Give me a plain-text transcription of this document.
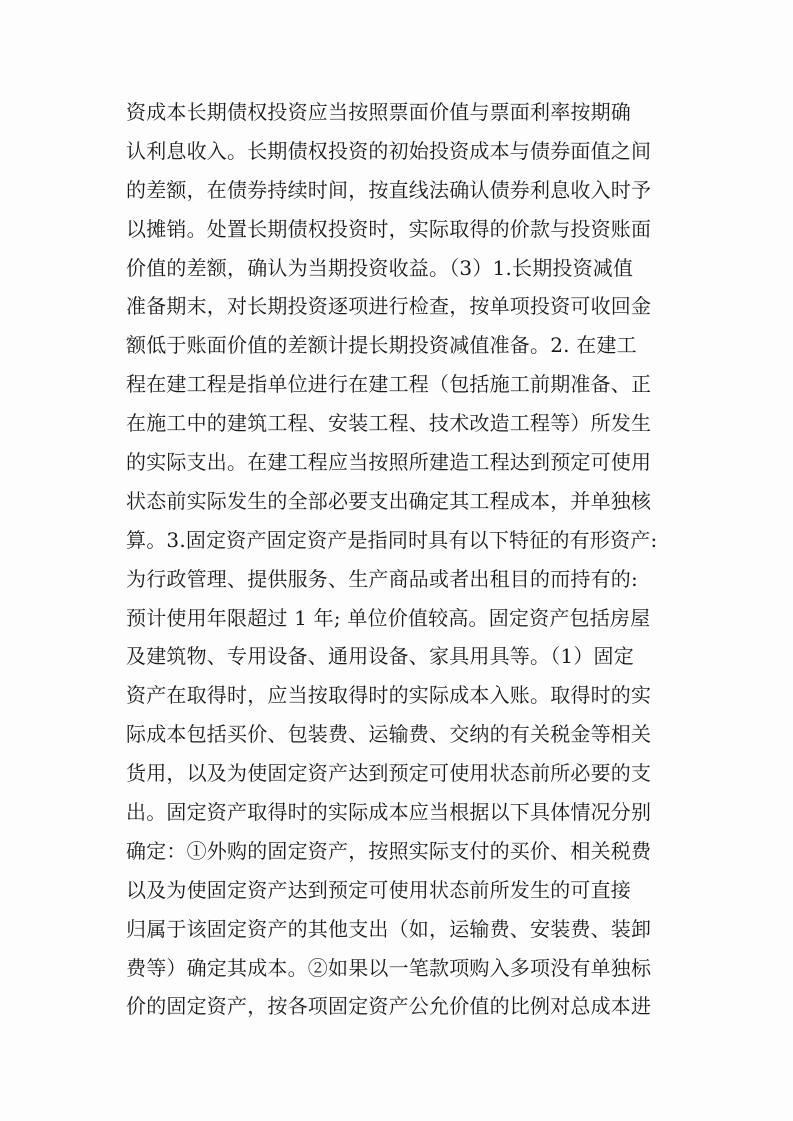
资成本长期债权投资应当按照票面价值与票面利率按期确
认利息收入。长期债权投资的初始投资成本与债券面值之间
的差额，在债券持续时间，按直线法确认债券利息收入时予
以摊销。处置长期债权投资时，实际取得的价款与投资账面
价值的差额，确认为当期投资收益。（3）1.长期投资减值
准备期末，对长期投资逐项进行检查，按单项投资可收回金
额低于账面价值的差额计提长期投资减值准备。2. 在建工
程在建工程是指单位进行在建工程（包括施工前期准备、正
在施工中的建筑工程、安装工程、技术改造工程等）所发生
的实际支出。在建工程应当按照所建造工程达到预定可使用
状态前实际发生的全部必要支出确定其工程成本，并单独核
算。3.固定资产固定资产是指同时具有以下特征的有形资产:
为行政管理、提供服务、生产商品或者出租目的而持有的:
预计使用年限超过 1 年; 单位价值较高。固定资产包括房屋
及建筑物、专用设备、通用设备、家具用具等。（1）固定
资产在取得时，应当按取得时的实际成本入账。取得时的实
际成本包括买价、包装费、运输费、交纳的有关税金等相关
货用，以及为使固定资产达到预定可使用状态前所必要的支
出。固定资产取得时的实际成本应当根据以下具体情况分别
确定：①外购的固定资产，按照实际支付的买价、相关税费
以及为使固定资产达到预定可使用状态前所发生的可直接
归属于该固定资产的其他支出（如，运输费、安装费、装卸
费等）确定其成本。②如果以一笔款项购入多项没有单独标
价的固定资产，按各项固定资产公允价值的比例对总成本进
